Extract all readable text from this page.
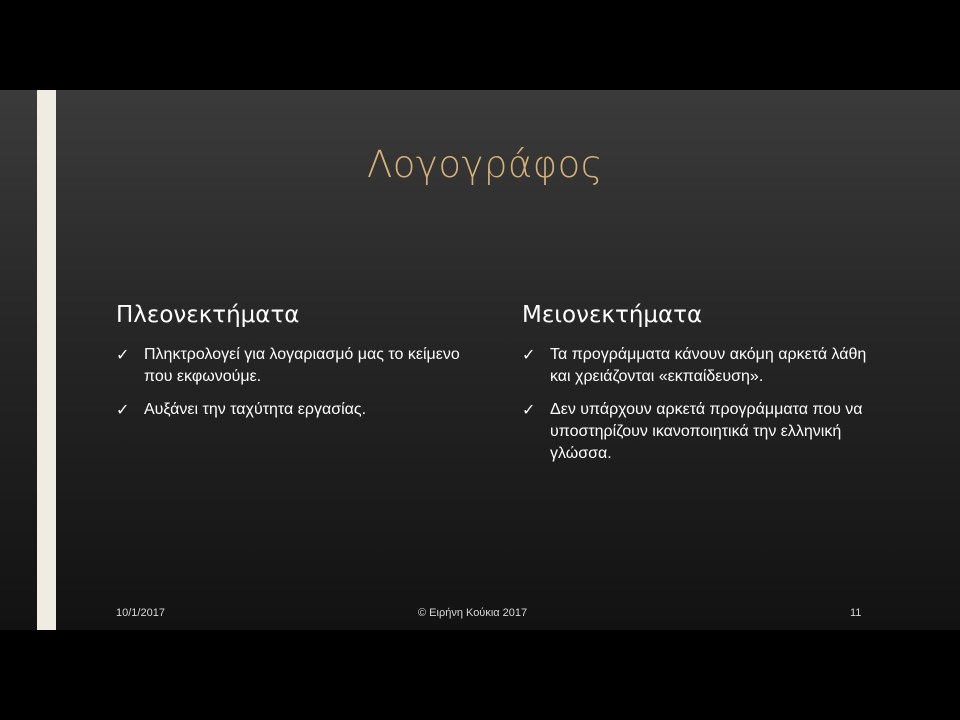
Λογογράφος
Πλεονεκτήματα
✓ Πληκτρολογεί για λογαριασμό μας το κείμενο που εκφωνούμε.
✓ Αυξάνει την ταχύτητα εργασίας.
Μειονεκτήματα
✓ Τα προγράμματα κάνουν ακόμη αρκετά λάθη και χρειάζονται «εκπαίδευση».
✓ Δεν υπάρχουν αρκετά προγράμματα που να υποστηρίζουν ικανοποιητικά την ελληνική γλώσσα.
10/1/2017	© Ειρήνη Κούκια 2017	11
